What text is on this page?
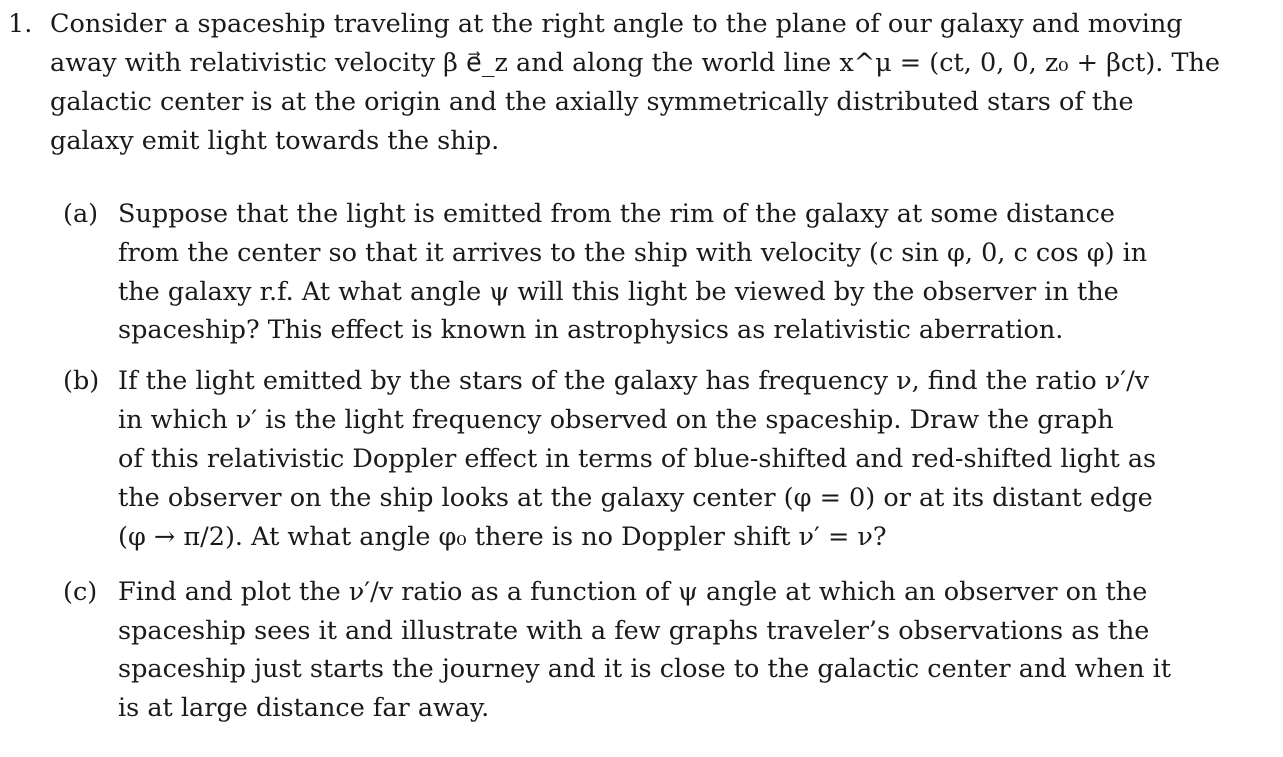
1. Consider a spaceship traveling at the right angle to the plane of our galaxy and moving
away with relativistic velocity β e⃗_z and along the world line x^μ = (ct, 0, 0, z₀ + βct). The
galactic center is at the origin and the axially symmetrically distributed stars of the
galaxy emit light towards the ship.
(a) Suppose that the light is emitted from the rim of the galaxy at some distance
from the center so that it arrives to the ship with velocity (c sin φ, 0, c cos φ) in
the galaxy r.f. At what angle ψ will this light be viewed by the observer in the
spaceship? This effect is known in astrophysics as relativistic aberration.
(b) If the light emitted by the stars of the galaxy has frequency ν, find the ratio ν′/v
in which ν′ is the light frequency observed on the spaceship. Draw the graph
of this relativistic Doppler effect in terms of blue-shifted and red-shifted light as
the observer on the ship looks at the galaxy center (φ = 0) or at its distant edge
(φ → π/2). At what angle φ₀ there is no Doppler shift ν′ = ν?
(c) Find and plot the ν′/v ratio as a function of ψ angle at which an observer on the
spaceship sees it and illustrate with a few graphs traveler’s observations as the
spaceship just starts the journey and it is close to the galactic center and when it
is at large distance far away.
